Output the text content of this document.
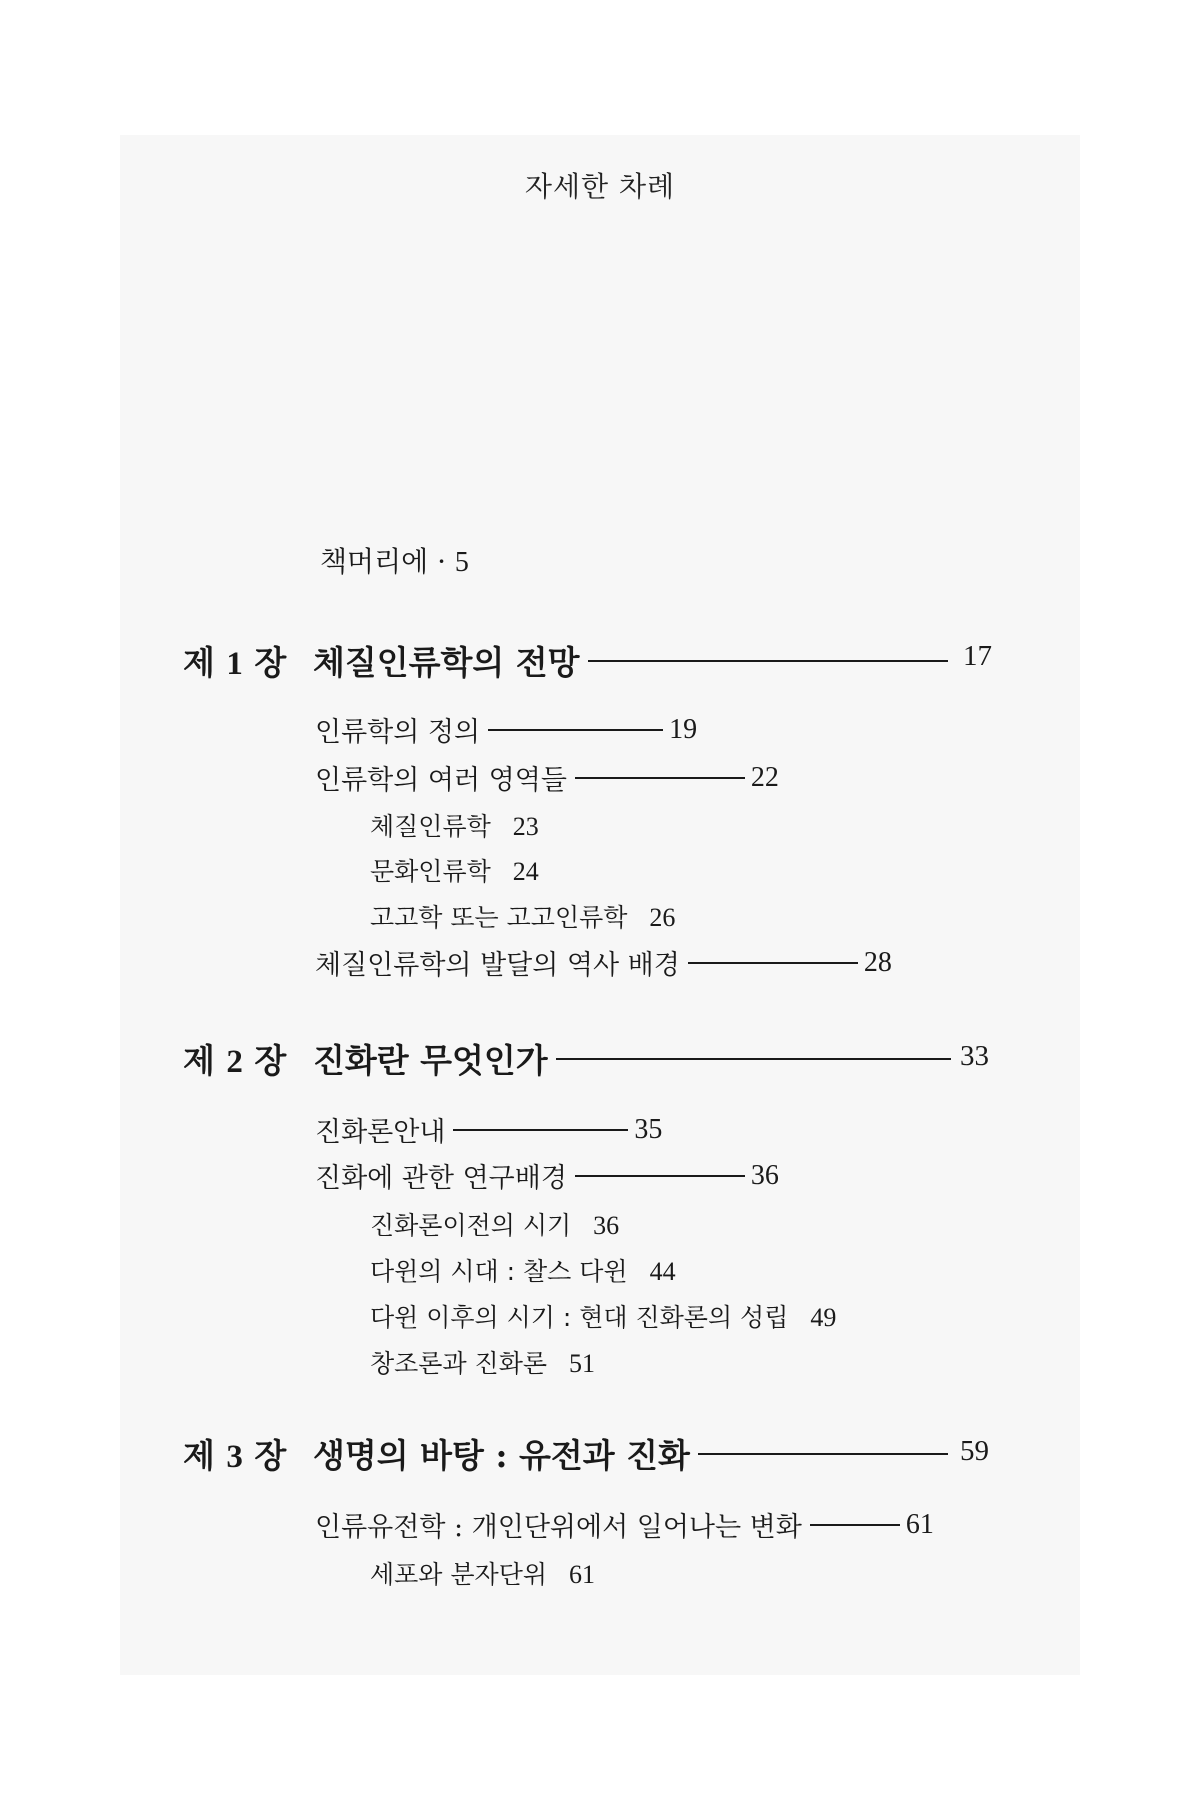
자세한 차례
책머리에 · 5
제 1 장 체질인류학의 전망	17
인류학의 정의	19
인류학의 여러 영역들	22
체질인류학 23
문화인류학 24
고고학 또는 고고인류학 26
체질인류학의 발달의 역사 배경	28
제 2 장 진화란 무엇인가	33
진화론안내	35
진화에 관한 연구배경	36
진화론이전의 시기 36
다윈의 시대 : 찰스 다윈 44
다윈 이후의 시기 : 현대 진화론의 성립 49
창조론과 진화론 51
제 3 장 생명의 바탕 : 유전과 진화	59
인류유전학 : 개인단위에서 일어나는 변화	61
세포와 분자단위 61
